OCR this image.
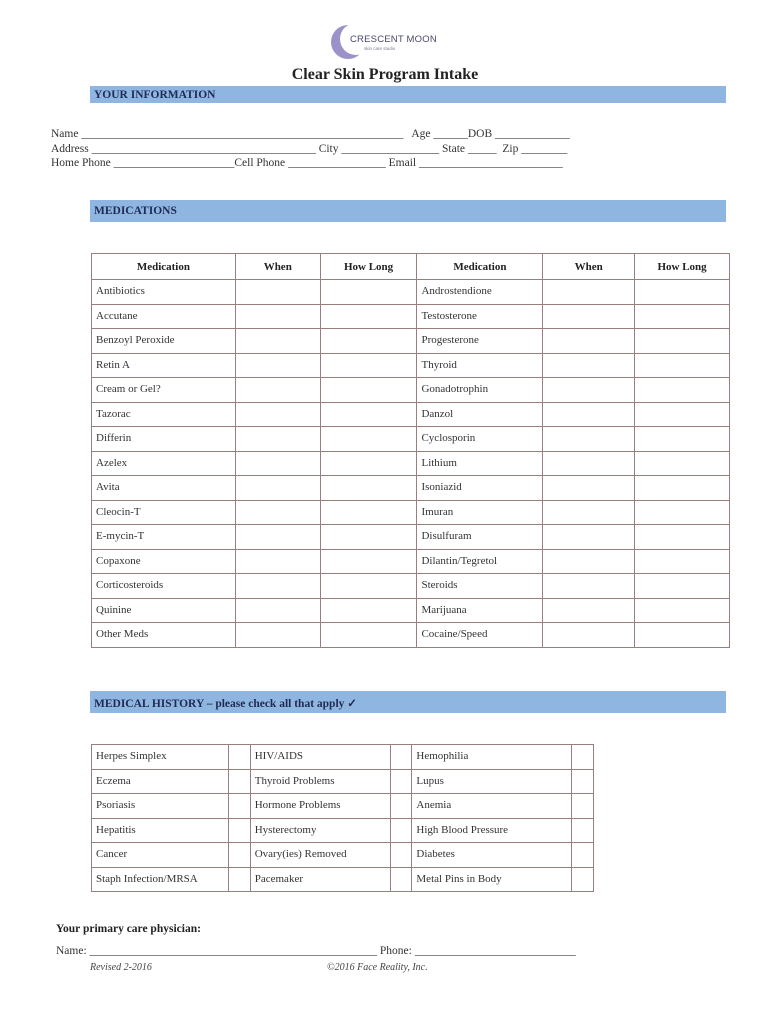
CRESCENT MOON
skin care studio
Clear Skin Program Intake
YOUR INFORMATION
Name ________________________________________________________   Age ______DOB _____________
Address _______________________________________ City _________________ State _____  Zip ________
Home Phone _____________________Cell Phone _________________ Email _________________________
MEDICATIONS
Medication	When	How Long	Medication	When	How Long
Antibiotics			Androstendione		
Accutane			Testosterone		
Benzoyl Peroxide			Progesterone		
Retin A			Thyroid		
Cream or Gel?			Gonadotrophin		
Tazorac			Danzol		
Differin			Cyclosporin		
Azelex			Lithium		
Avita			Isoniazid		
Cleocin-T			Imuran		
E-mycin-T			Disulfuram		
Copaxone			Dilantin/Tegretol		
Corticosteroids			Steroids		
Quinine			Marijuana		
Other Meds			Cocaine/Speed		
MEDICAL HISTORY – please check all that apply ✓
Herpes Simplex		HIV/AIDS		Hemophilia	
Eczema		Thyroid Problems		Lupus	
Psoriasis		Hormone Problems		Anemia	
Hepatitis		Hysterectomy		High Blood Pressure	
Cancer		Ovary(ies) Removed		Diabetes	
Staph Infection/MRSA		Pacemaker		Metal Pins in Body	
Your primary care physician:
Name: __________________________________________________ Phone: ____________________________
Revised 2-2016	©2016 Face Reality, Inc.
